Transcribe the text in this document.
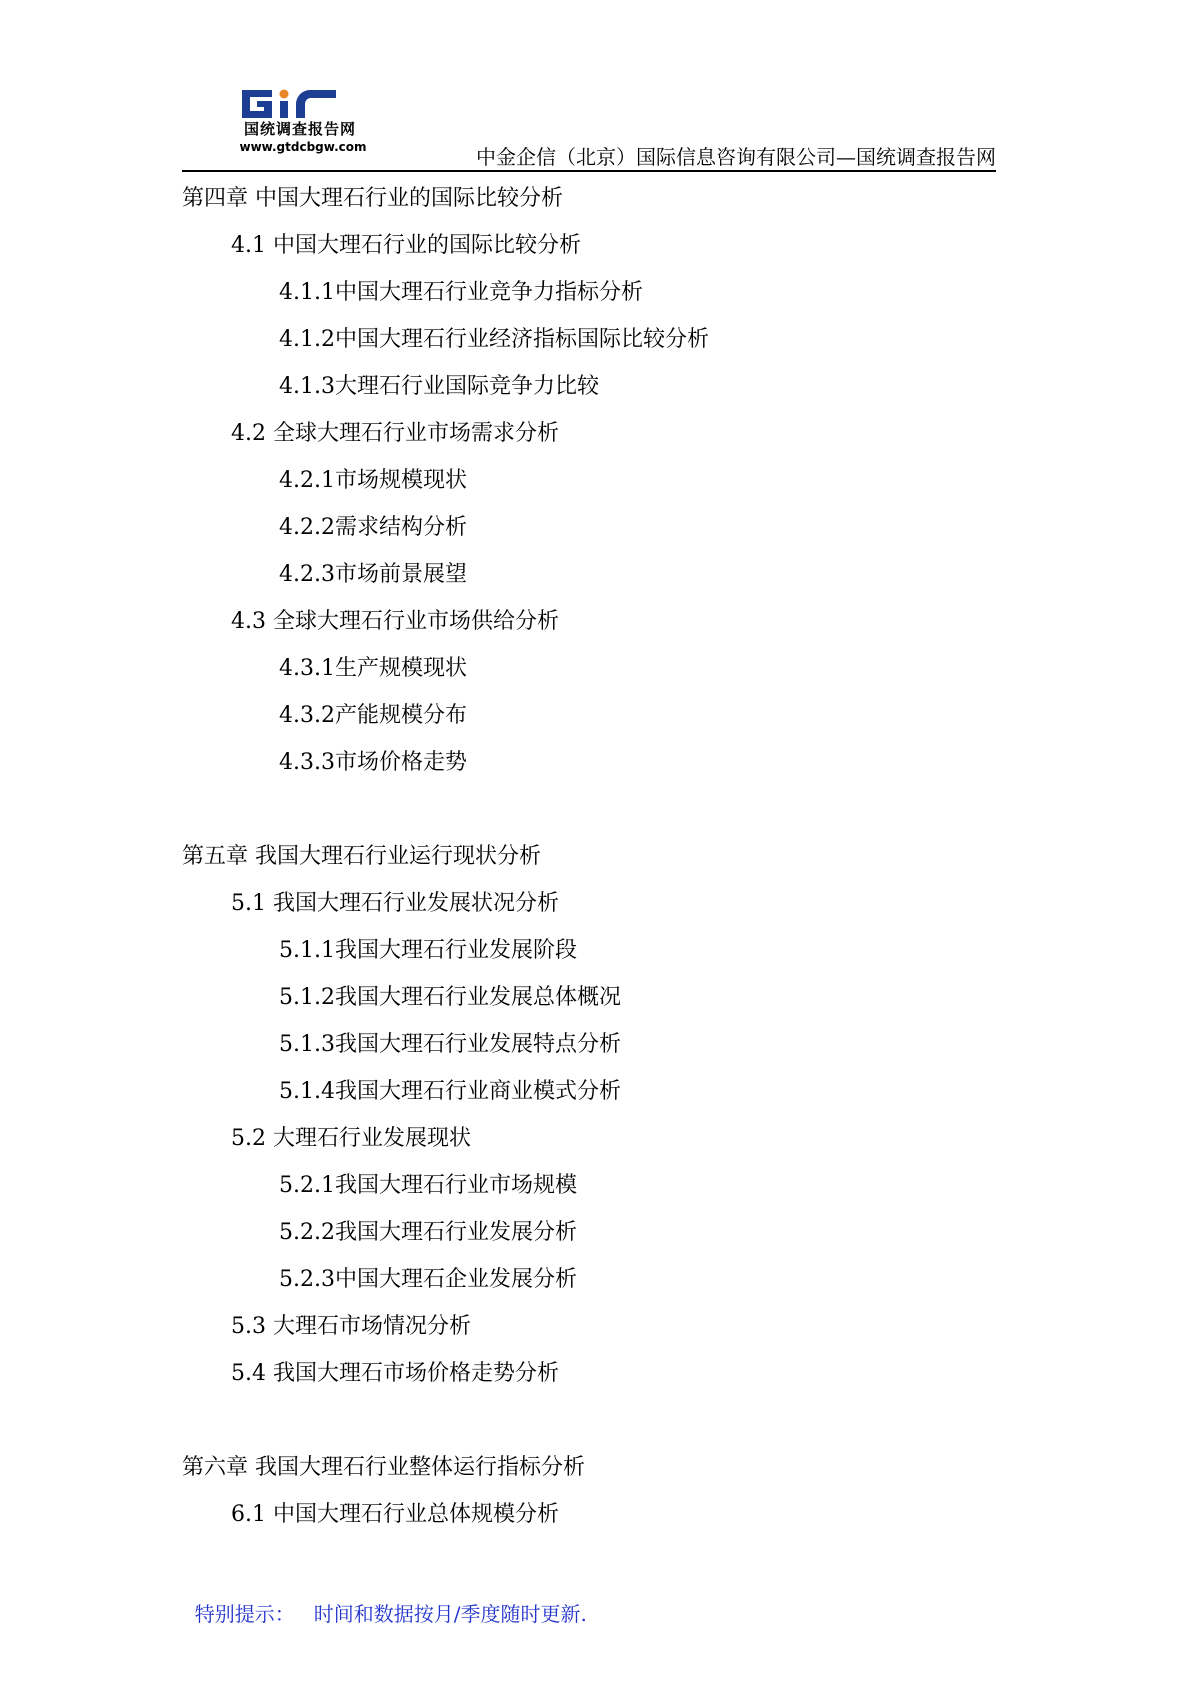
国统调查报告网
www.gtdcbgw.com	中金企信（北京）国际信息咨询有限公司—国统调查报告网
第四章 中国大理石行业的国际比较分析
4.1 中国大理石行业的国际比较分析
4.1.1中国大理石行业竞争力指标分析
4.1.2中国大理石行业经济指标国际比较分析
4.1.3大理石行业国际竞争力比较
4.2 全球大理石行业市场需求分析
4.2.1市场规模现状
4.2.2需求结构分析
4.2.3市场前景展望
4.3 全球大理石行业市场供给分析
4.3.1生产规模现状
4.3.2产能规模分布
4.3.3市场价格走势
第五章 我国大理石行业运行现状分析
5.1 我国大理石行业发展状况分析
5.1.1我国大理石行业发展阶段
5.1.2我国大理石行业发展总体概况
5.1.3我国大理石行业发展特点分析
5.1.4我国大理石行业商业模式分析
5.2 大理石行业发展现状
5.2.1我国大理石行业市场规模
5.2.2我国大理石行业发展分析
5.2.3中国大理石企业发展分析
5.3 大理石市场情况分析
5.4 我国大理石市场价格走势分析
第六章 我国大理石行业整体运行指标分析
6.1 中国大理石行业总体规模分析

特别提示： 时间和数据按月/季度随时更新.
